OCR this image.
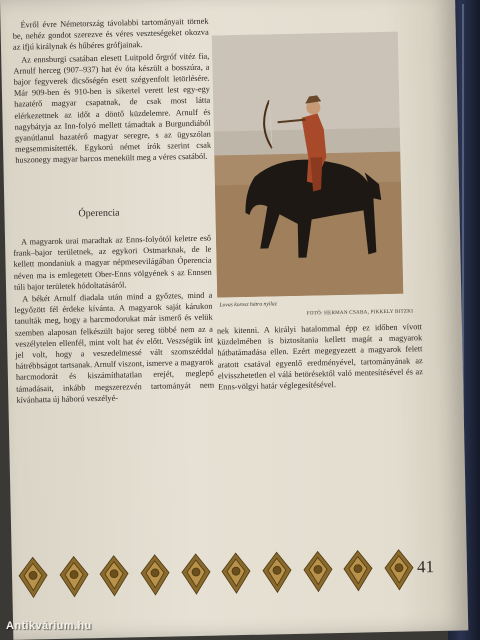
Évről évre Németország távolabbi tartományait törnek be, nehéz gondot szerezve és véres veszteségeket okozva az ifjú királynak és hűbéres grófjainak.

Az ennsburgi csatában elesett Luitpold őrgróf vitéz fia, Arnulf herceg (907–937) hat év óta készült a bosszúra, a bajor fegyverek dicsőségén esett szégyenfolt letörlésére. Már 909-ben és 910-ben is sikertel verett lest egy-egy hazatérő magyar csapatnak, de csak most látta elérkezettnek az időt a döntő küzdelemre. Arnulf és nagybátyja az Inn-folyó mellett támadtak a Burgundiából gyanútlanul hazatérő magyar seregre, s az ügyszólan megsemmisítették. Egykorú német írók szerint csak huszonegy magyar harcos menekült meg a véres csatából.

Óperencia

A magyarok urai maradtak az Enns-folyótól keletre eső frank–bajor területnek, az egykori Ostmarknak, de le kellett mondaniuk a magyar népmesevilágában Óperencia néven ma is emlegetett Ober-Enns völgyének s az Ennsen túli bajor területek hódoltatásáról.

A békét Arnulf diadala után mind a győztes, mind a legyőzött fél érdeke kívánta. A magyarok saját kárukon tanulták meg, hogy a harcmodorukat már ismerő és velük szemben alaposan felkészült bajor sereg többé nem az a veszélytelen ellenfél, mint volt hat év előtt. Veszségük ínt jel volt, hogy a veszedelmessé vált szomszéddal hátrébbságot tartsanak. Arnulf viszont, ismerve a magyarok harcmodorát és kiszámíthatatlan erejét, meglepő támadásait, inkább megszerezvén tartományát nem kívánhatta új háború veszélyé-

Lovas korosz hátra nyilaz
FOTÓ: HERMAN CSABA, PIKKELY BITZKI

nek kitenni. A királyi hatalommal épp ez időben vívott küzdelmében is biztosítania kellett magát a magyarok hátbatámadása ellen. Ezért megegyezett a magyarok felett aratott csatával egyenlő eredményével, tartományának az elvisszhetetlen el válá betörésektől való mentesítésével és az Enns-völgyi határ véglegesítésével.

41
Antikvárium.hu
